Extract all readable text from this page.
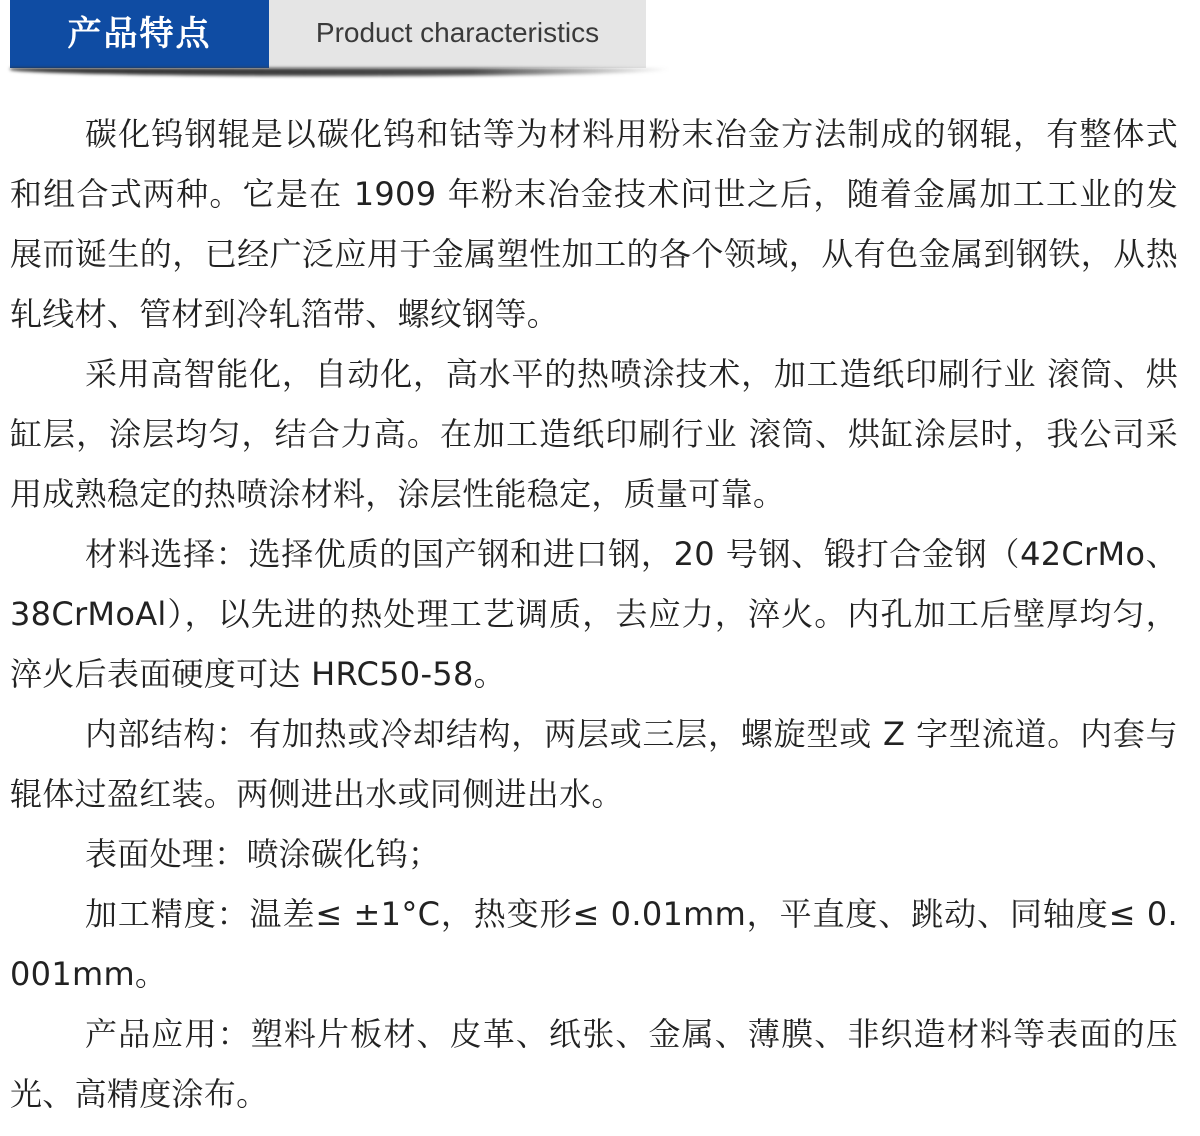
产品特点	Product characteristics

碳化钨钢辊是以碳化钨和钴等为材料用粉末冶金方法制成的钢辊，有整体式和组合式两种。它是在 1909 年粉末冶金技术问世之后，随着金属加工工业的发展而诞生的，已经广泛应用于金属塑性加工的各个领域，从有色金属到钢铁，从热轧线材、管材到冷轧箔带、螺纹钢等。

采用高智能化，自动化，高水平的热喷涂技术，加工造纸印刷行业 滚筒、烘缸层，涂层均匀，结合力高。在加工造纸印刷行业 滚筒、烘缸涂层时，我公司采用成熟稳定的热喷涂材料，涂层性能稳定，质量可靠。

材料选择：选择优质的国产钢和进口钢，20 号钢、锻打合金钢（42CrMo、38CrMoAl），以先进的热处理工艺调质，去应力，淬火。内孔加工后壁厚均匀，淬火后表面硬度可达 HRC50-58。

内部结构：有加热或冷却结构，两层或三层，螺旋型或 Z 字型流道。内套与辊体过盈红装。两侧进出水或同侧进出水。

表面处理：喷涂碳化钨；

加工精度：温差≤ ±1°C，热变形≤ 0.01mm，平直度、跳动、同轴度≤ 0.001mm。

产品应用：塑料片板材、皮革、纸张、金属、薄膜、非织造材料等表面的压光、高精度涂布。
